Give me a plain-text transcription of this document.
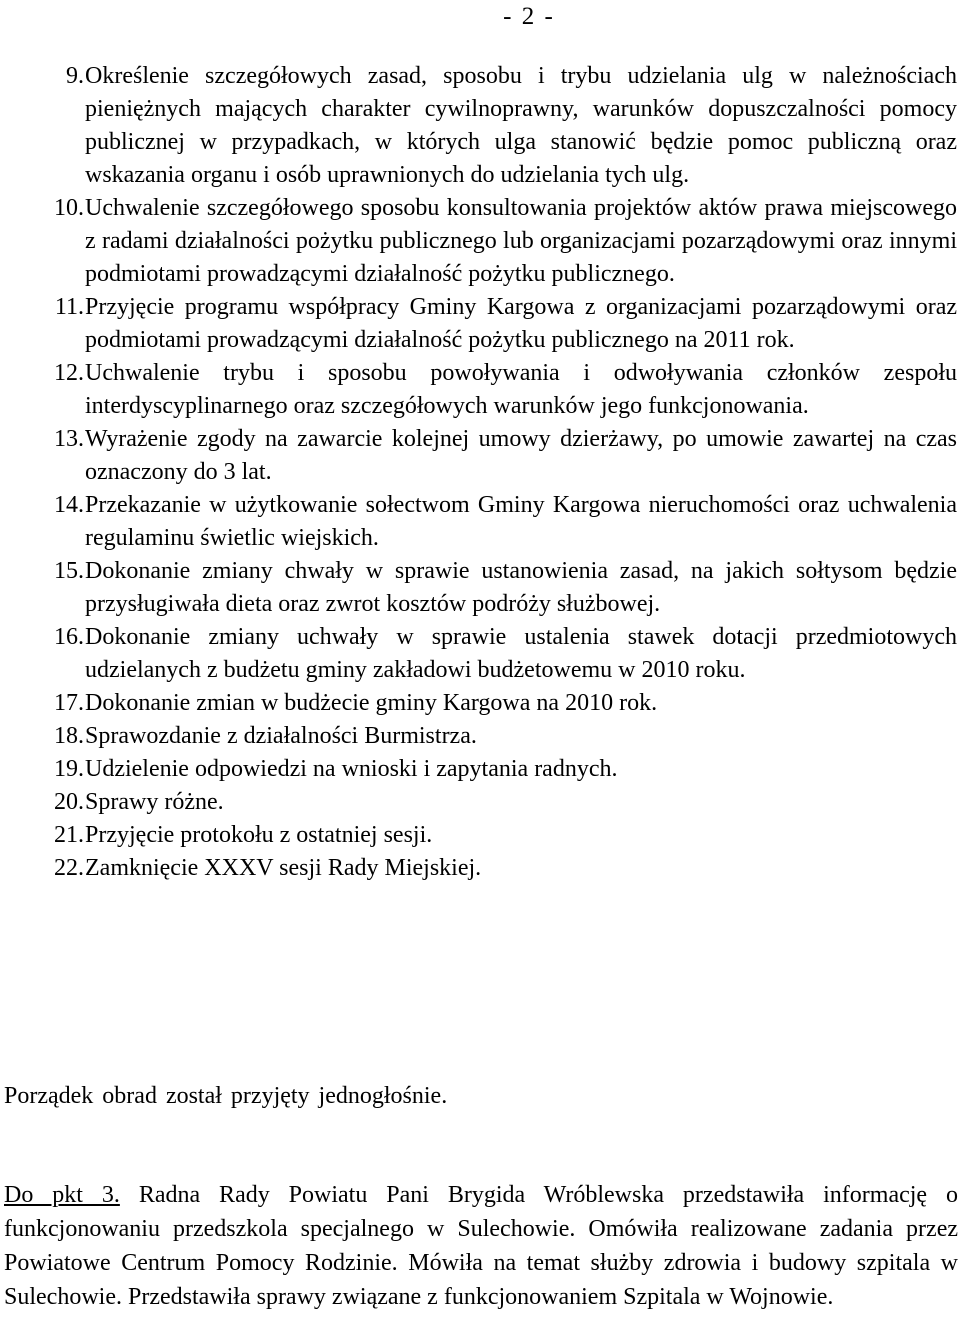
- 2 -
9. Określenie szczegółowych zasad, sposobu i trybu udzielania ulg w należnościach pieniężnych mających charakter cywilnoprawny, warunków dopuszczalności pomocy publicznej w przypadkach, w których ulga stanowić będzie pomoc publiczną oraz wskazania organu i osób uprawnionych do udzielania tych ulg.
10. Uchwalenie szczegółowego sposobu konsultowania projektów aktów prawa miejscowego z radami działalności pożytku publicznego lub organizacjami pozarządowymi oraz innymi podmiotami prowadzącymi działalność pożytku publicznego.
11. Przyjęcie programu współpracy Gminy Kargowa z organizacjami pozarządowymi oraz podmiotami prowadzącymi działalność pożytku publicznego na 2011 rok.
12. Uchwalenie trybu i sposobu powoływania i odwoływania członków zespołu interdyscyplinarnego oraz szczegółowych warunków jego funkcjonowania.
13. Wyrażenie zgody na zawarcie kolejnej umowy dzierżawy, po umowie zawartej na czas oznaczony do 3 lat.
14. Przekazanie w użytkowanie sołectwom Gminy Kargowa nieruchomości oraz uchwalenia regulaminu świetlic wiejskich.
15. Dokonanie zmiany chwały w sprawie ustanowienia zasad, na jakich sołtysom będzie przysługiwała dieta oraz zwrot kosztów podróży służbowej.
16. Dokonanie zmiany uchwały w sprawie ustalenia stawek dotacji przedmiotowych udzielanych z budżetu gminy zakładowi budżetowemu w 2010 roku.
17. Dokonanie zmian w budżecie gminy Kargowa na 2010 rok.
18. Sprawozdanie z działalności Burmistrza.
19. Udzielenie odpowiedzi na wnioski i zapytania radnych.
20. Sprawy różne.
21. Przyjęcie protokołu z ostatniej sesji.
22. Zamknięcie XXXV sesji Rady Miejskiej.
Porządek obrad został przyjęty jednogłośnie.
Do pkt 3. Radna Rady Powiatu Pani Brygida Wróblewska przedstawiła informację o funkcjonowaniu przedszkola specjalnego w Sulechowie. Omówiła realizowane zadania przez Powiatowe Centrum Pomocy Rodzinie. Mówiła na temat służby zdrowia i budowy szpitala w Sulechowie. Przedstawiła sprawy związane z funkcjonowaniem Szpitala w Wojnowie.
